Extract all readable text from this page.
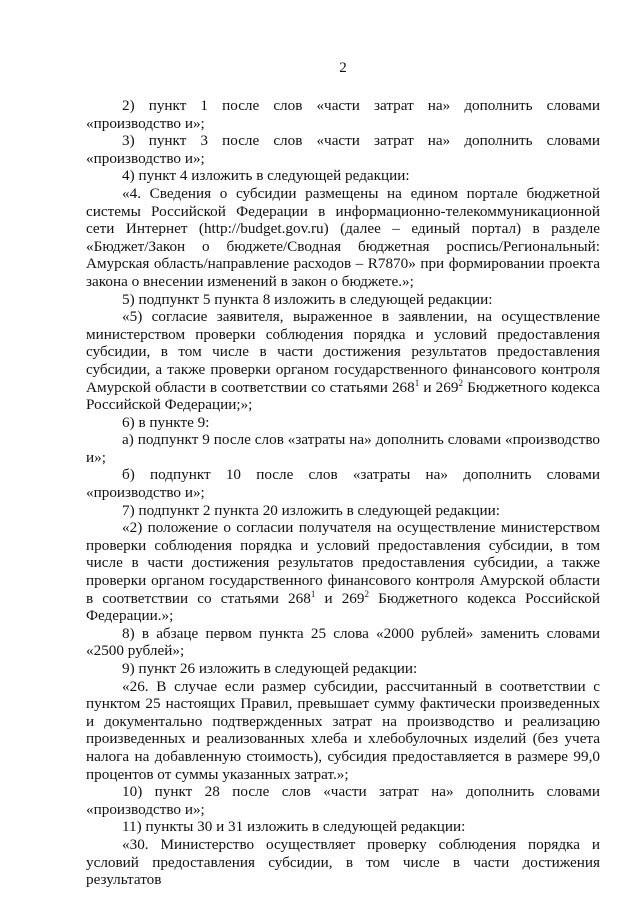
2

2) пункт 1 после слов «части затрат на» дополнить словами «производство и»;

3) пункт 3 после слов «части затрат на» дополнить словами «производство и»;

4) пункт 4 изложить в следующей редакции:

«4. Сведения о субсидии размещены на едином портале бюджетной системы Российской Федерации в информационно-телекоммуникационной сети Интернет (http://budget.gov.ru) (далее – единый портал) в разделе «Бюджет/Закон о бюджете/Сводная бюджетная роспись/Региональный: Амурская область/направление расходов – R7870» при формировании проекта закона о внесении изменений в закон о бюджете.»;

5) подпункт 5 пункта 8 изложить в следующей редакции:

«5) согласие заявителя, выраженное в заявлении, на осуществление министерством проверки соблюдения порядка и условий предоставления субсидии, в том числе в части достижения результатов предоставления субсидии, а также проверки органом государственного финансового контроля Амурской области в соответствии со статьями $268^1$ и $269^2$ Бюджетного кодекса Российской Федерации;»;

6) в пункте 9:

а) подпункт 9 после слов «затраты на» дополнить словами «производство и»;

б) подпункт 10 после слов «затраты на» дополнить словами «производство и»;

7) подпункт 2 пункта 20 изложить в следующей редакции:

«2) положение о согласии получателя на осуществление министерством проверки соблюдения порядка и условий предоставления субсидии, в том числе в части достижения результатов предоставления субсидии, а также проверки органом государственного финансового контроля Амурской области в соответствии со статьями $268^1$ и $269^2$ Бюджетного кодекса Российской Федерации.»;

8) в абзаце первом пункта 25 слова «2000 рублей» заменить словами «2500 рублей»;

9) пункт 26 изложить в следующей редакции:

«26. В случае если размер субсидии, рассчитанный в соответствии с пунктом 25 настоящих Правил, превышает сумму фактически произведенных и документально подтвержденных затрат на производство и реализацию произведенных и реализованных хлеба и хлебобулочных изделий (без учета налога на добавленную стоимость), субсидия предоставляется в размере 99,0 процентов от суммы указанных затрат.»;

10) пункт 28 после слов «части затрат на» дополнить словами «производство и»;

11) пункты 30 и 31 изложить в следующей редакции:

«30. Министерство осуществляет проверку соблюдения порядка и условий предоставления субсидии, в том числе в части достижения результатов
